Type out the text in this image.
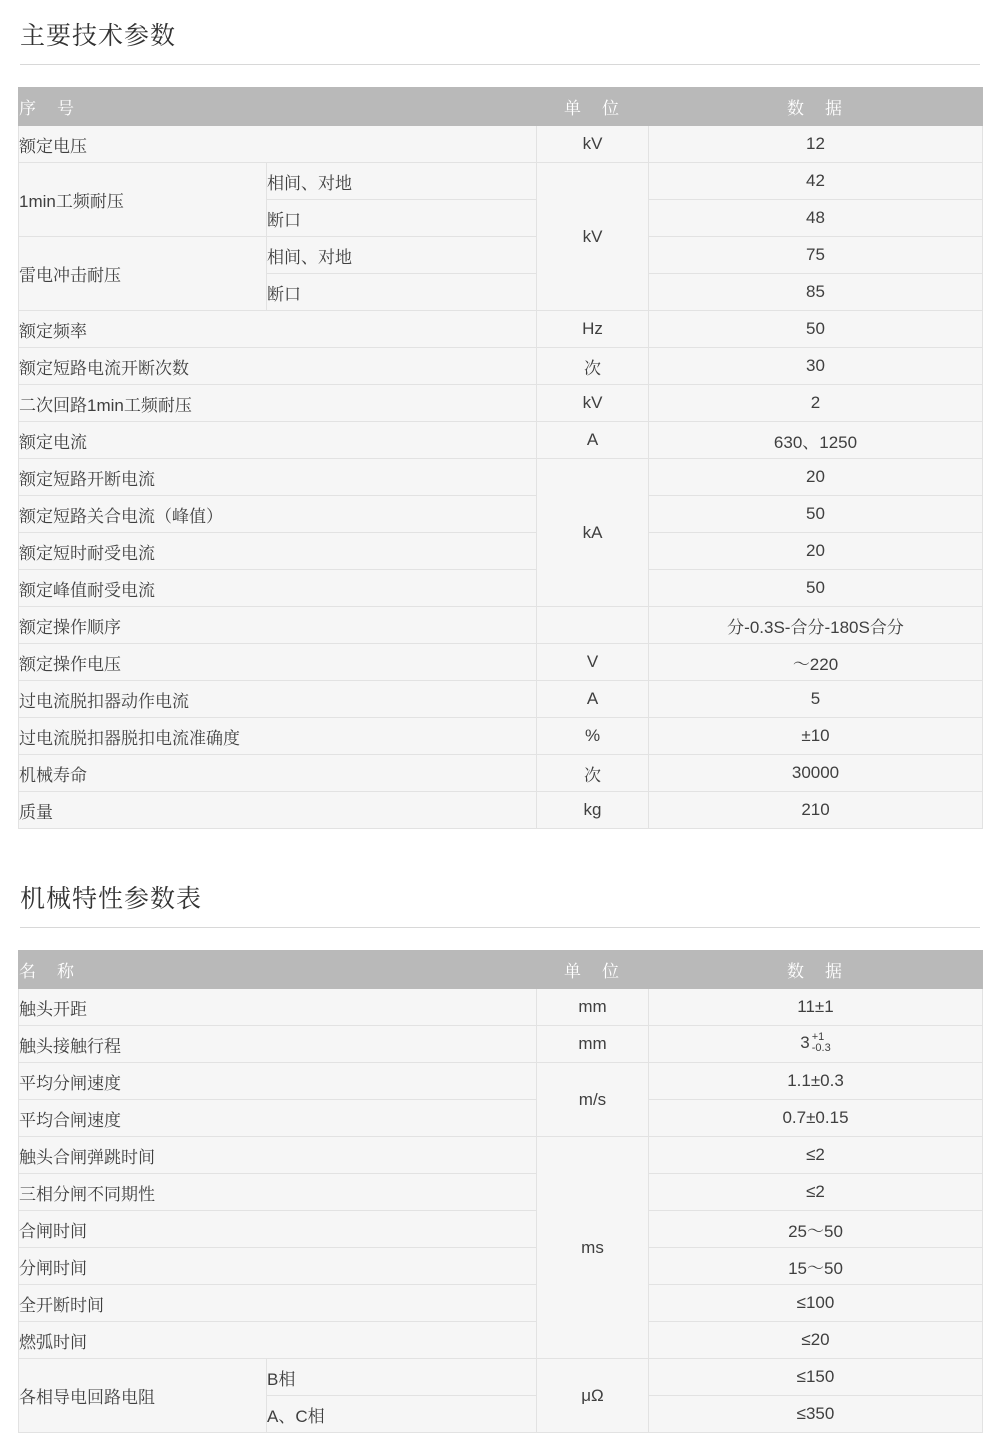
主要技术参数
序　号		单　位	数　据
额定电压		kV	12
1min工频耐压	相间、对地	kV	42
	断口		48
雷电冲击耐压	相间、对地		75
	断口		85
额定频率		Hz	50
额定短路电流开断次数		次	30
二次回路1min工频耐压		kV	2
额定电流		A	630、1250
额定短路开断电流		kA	20
额定短路关合电流（峰值）			50
额定短时耐受电流			20
额定峰值耐受电流			50
额定操作顺序			分-0.3S-合分-180S合分
额定操作电压		V	～220
过电流脱扣器动作电流		A	5
过电流脱扣器脱扣电流准确度		%	±10
机械寿命		次	30000
质量		kg	210
机械特性参数表
名　称		单　位	数　据
触头开距		mm	11±1
触头接触行程		mm	3 +1
-0.3

平均分闸速度		m/s	1.1±0.3
平均合闸速度			0.7±0.15
触头合闸弹跳时间		ms	≤2
三相分闸不同期性			≤2
合闸时间			25～50
分闸时间			15～50
全开断时间			≤100
燃弧时间			≤20
各相导电回路电阻	B相	μΩ	≤150
	A、C相		≤350
